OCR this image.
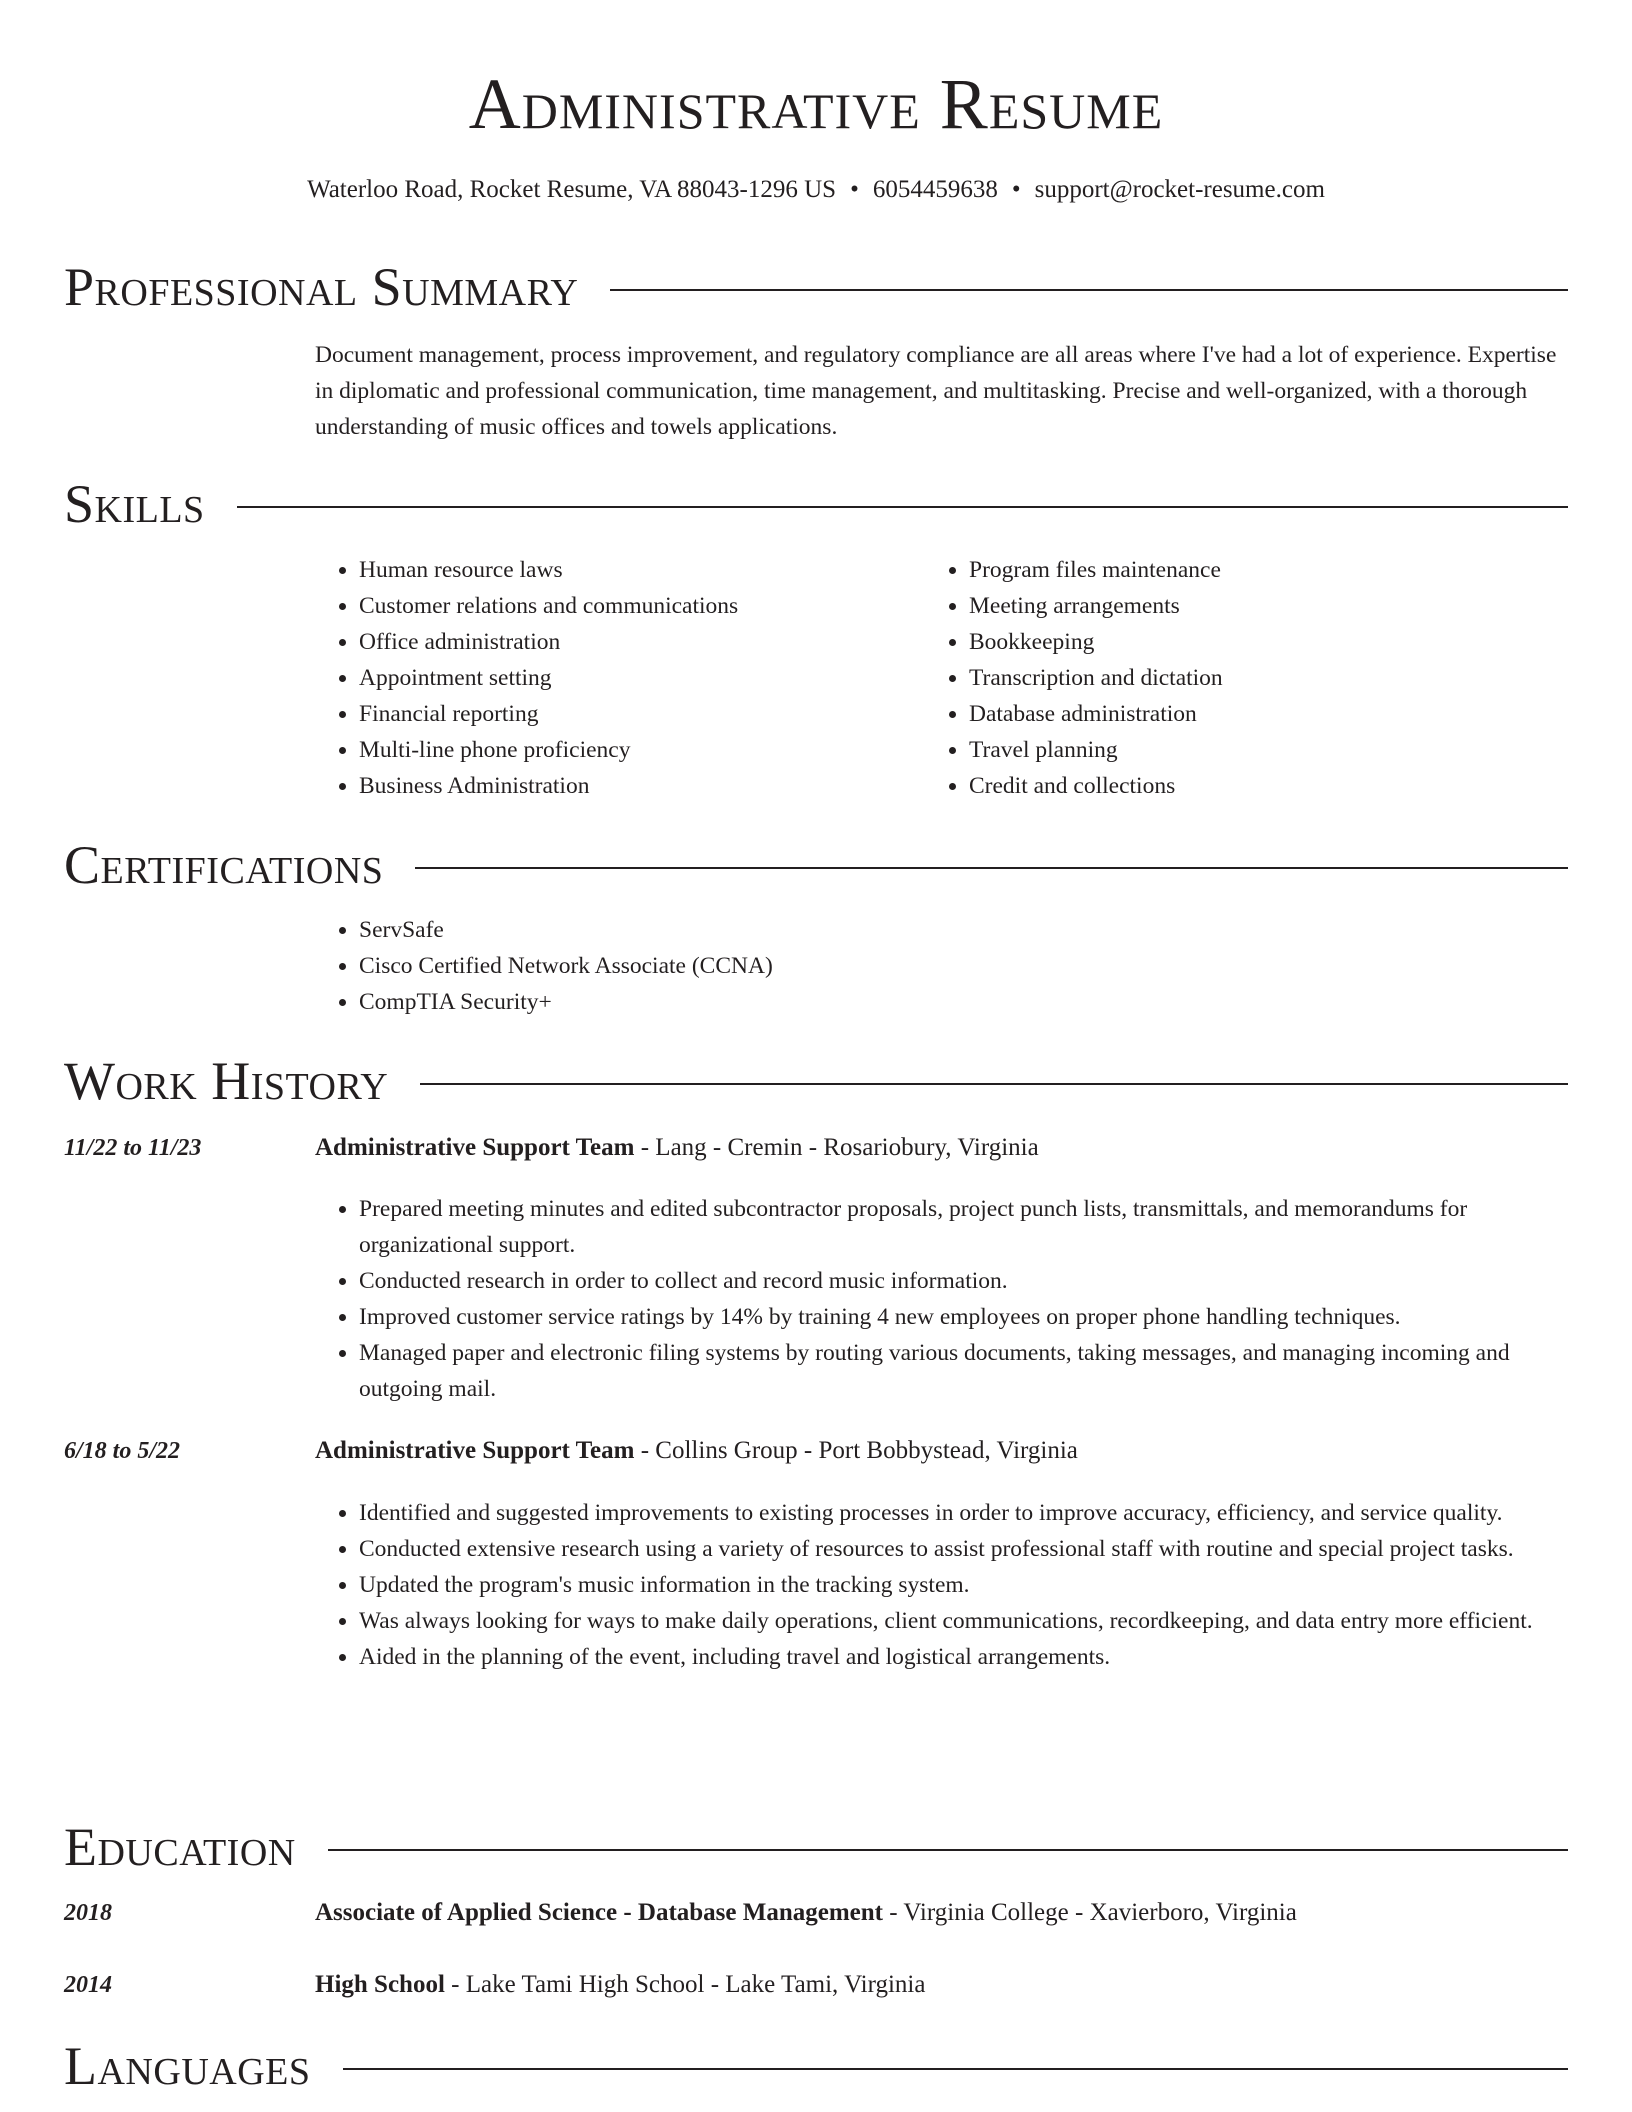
Administrative Resume
Waterloo Road, Rocket Resume, VA 88043-1296 US • 6054459638 • support@rocket-resume.com
Professional Summary
Document management, process improvement, and regulatory compliance are all areas where I've had a lot of experience. Expertise in diplomatic and professional communication, time management, and multitasking. Precise and well-organized, with a thorough understanding of music offices and towels applications.
Skills
• Human resource laws
• Customer relations and communications
• Office administration
• Appointment setting
• Financial reporting
• Multi-line phone proficiency
• Business Administration
• Program files maintenance
• Meeting arrangements
• Bookkeeping
• Transcription and dictation
• Database administration
• Travel planning
• Credit and collections
Certifications
• ServSafe
• Cisco Certified Network Associate (CCNA)
• CompTIA Security+
Work History
11/22 to 11/23	Administrative Support Team - Lang - Cremin - Rosariobury, Virginia
• Prepared meeting minutes and edited subcontractor proposals, project punch lists, transmittals, and memorandums for organizational support.
• Conducted research in order to collect and record music information.
• Improved customer service ratings by 14% by training 4 new employees on proper phone handling techniques.
• Managed paper and electronic filing systems by routing various documents, taking messages, and managing incoming and outgoing mail.
6/18 to 5/22	Administrative Support Team - Collins Group - Port Bobbystead, Virginia
• Identified and suggested improvements to existing processes in order to improve accuracy, efficiency, and service quality.
• Conducted extensive research using a variety of resources to assist professional staff with routine and special project tasks.
• Updated the program's music information in the tracking system.
• Was always looking for ways to make daily operations, client communications, recordkeeping, and data entry more efficient.
• Aided in the planning of the event, including travel and logistical arrangements.
Education
2018	Associate of Applied Science - Database Management - Virginia College - Xavierboro, Virginia
2014	High School - Lake Tami High School - Lake Tami, Virginia
Languages
